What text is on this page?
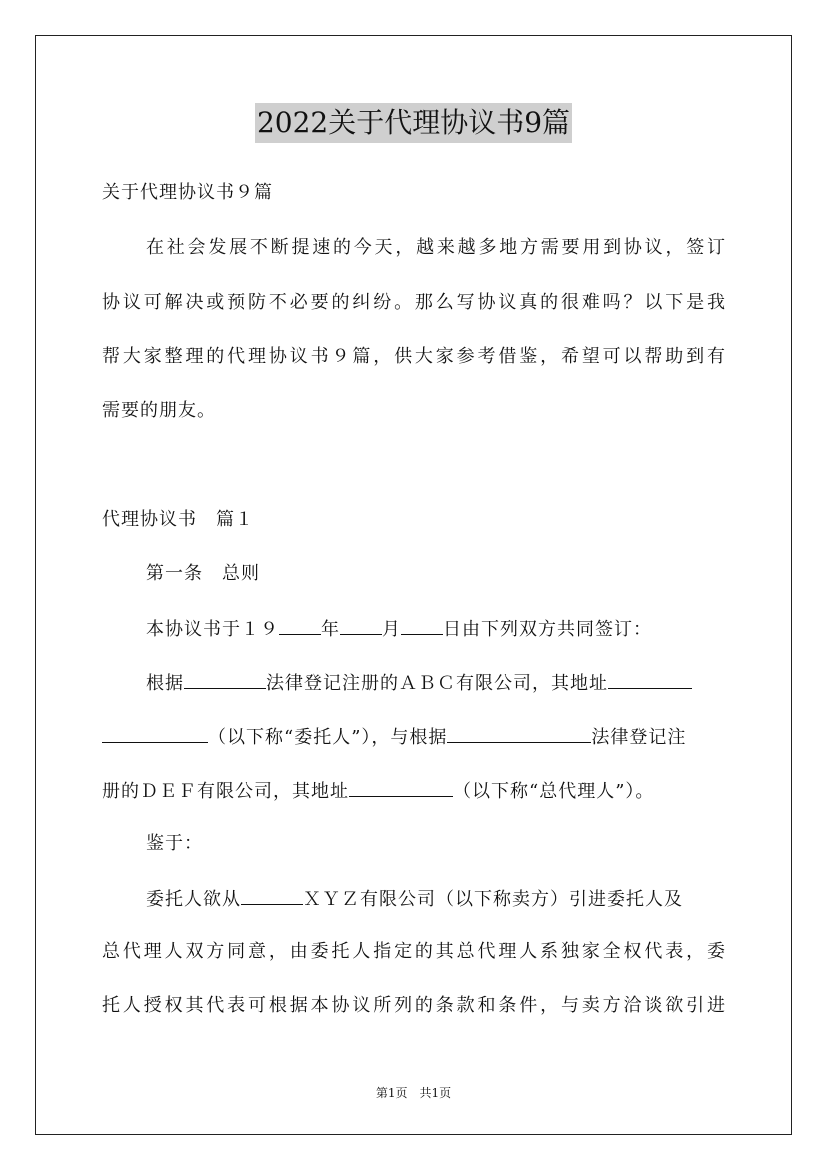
2022关于代理协议书9篇
关于代理协议书９篇
在社会发展不断提速的今天，越来越多地方需要用到协议，签订
协议可解决或预防不必要的纠纷。那么写协议真的很难吗？以下是我
帮大家整理的代理协议书９篇，供大家参考借鉴，希望可以帮助到有
需要的朋友。
代理协议书　篇１
第一条　总则
本协议书于１９ 年 月 日由下列双方共同签订：
根据	法律登记注册的ＡＢＣ有限公司，其地址
（以下称“委托人”），与根据	法律登记注
册的ＤＥＦ有限公司，其地址	（以下称“总代理人”）。
鉴于：
委托人欲从	ＸＹＺ有限公司（以下称卖方）引进委托人及
总代理人双方同意，由委托人指定的其总代理人系独家全权代表，委
托人授权其代表可根据本协议所列的条款和条件，与卖方洽谈欲引进
第1页　共1页
